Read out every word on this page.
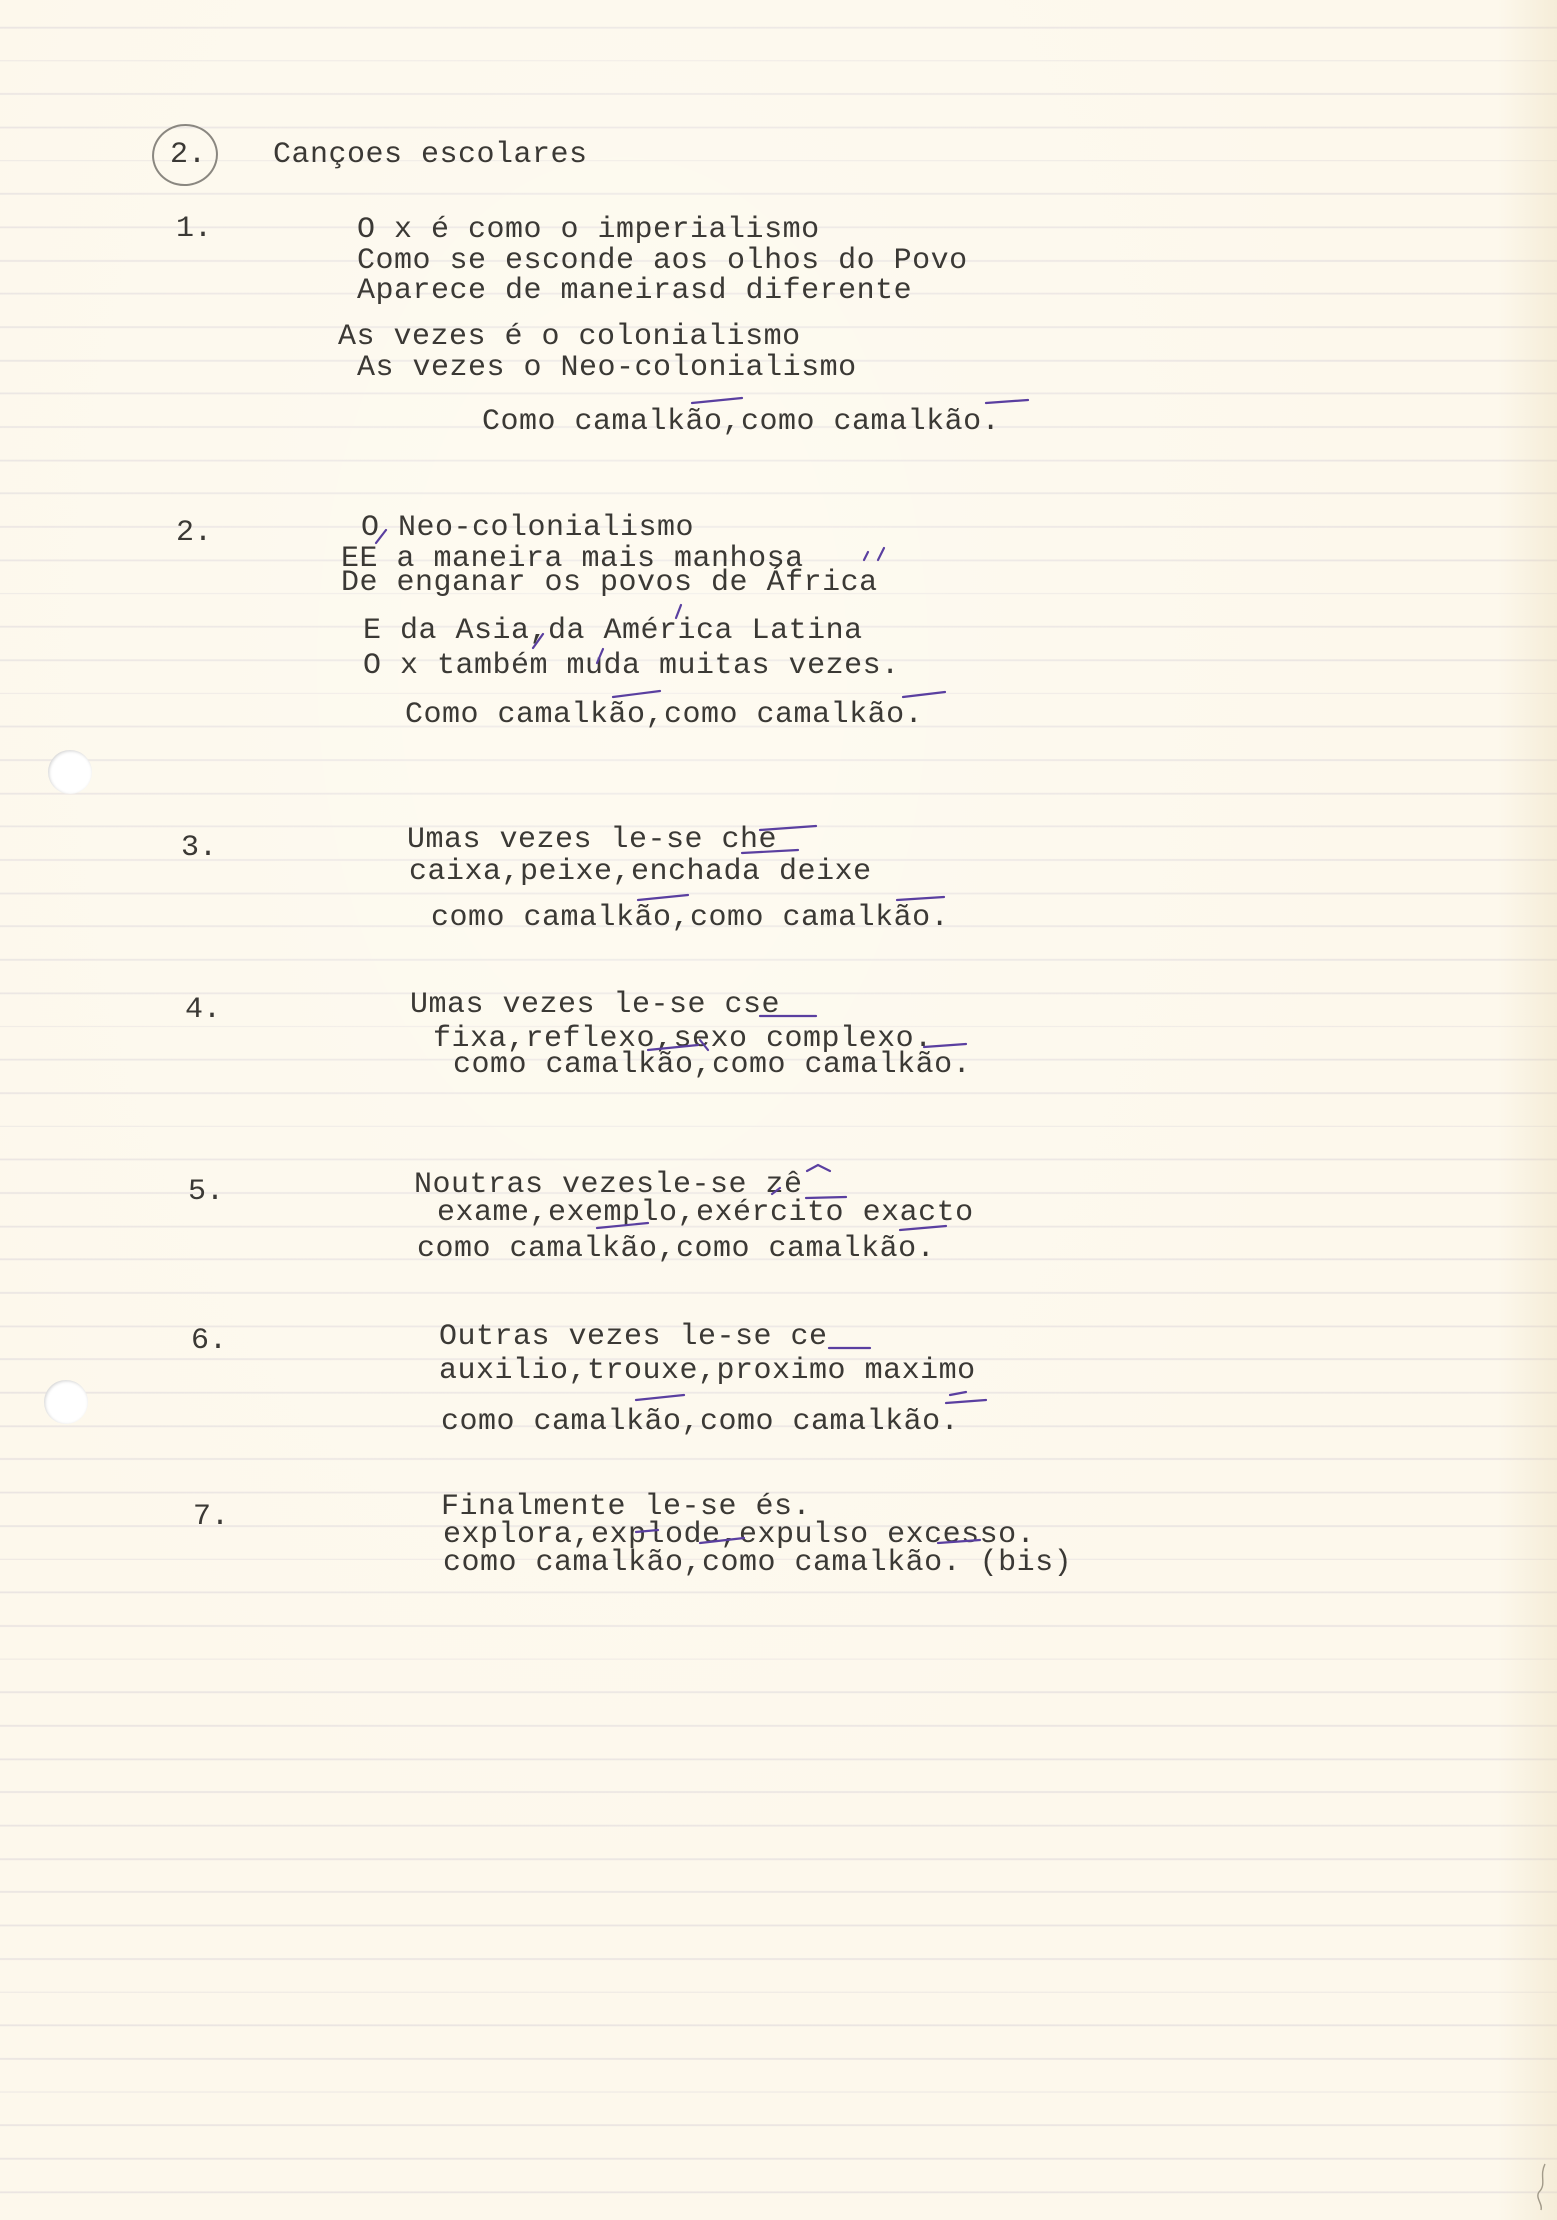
2. Cançoes escolares
1.	O x é como o imperialismo
Como se esconde aos olhos do Povo
Aparece de maneirasd diferente
As vezes é o colonialismo
As vezes o Neo-colonialismo
Como camalkão,como camalkão.
2.	O Neo-colonialismo
EE a maneira mais manhosa
De enganar os povos de África
E da Asia,da América Latina
O x também muda muitas vezes.
Como camalkão,como camalkão.
3.	Umas vezes le-se che
caixa,peixe,enchada deixe
como camalkão,como camalkão.
4.	Umas vezes le-se cse
fixa,reflexo,sexo complexo.
como camalkão,como camalkão.
5.	Noutras vezesle-se zê
exame,exemplo,exército exacto
como camalkão,como camalkão.
6.	Outras vezes le-se ce
auxilio,trouxe,proximo maximo
como camalkão,como camalkão.
7.	Finalmente le-se és.
explora,explode,expulso excesso.
como camalkão,como camalkão. (bis)
